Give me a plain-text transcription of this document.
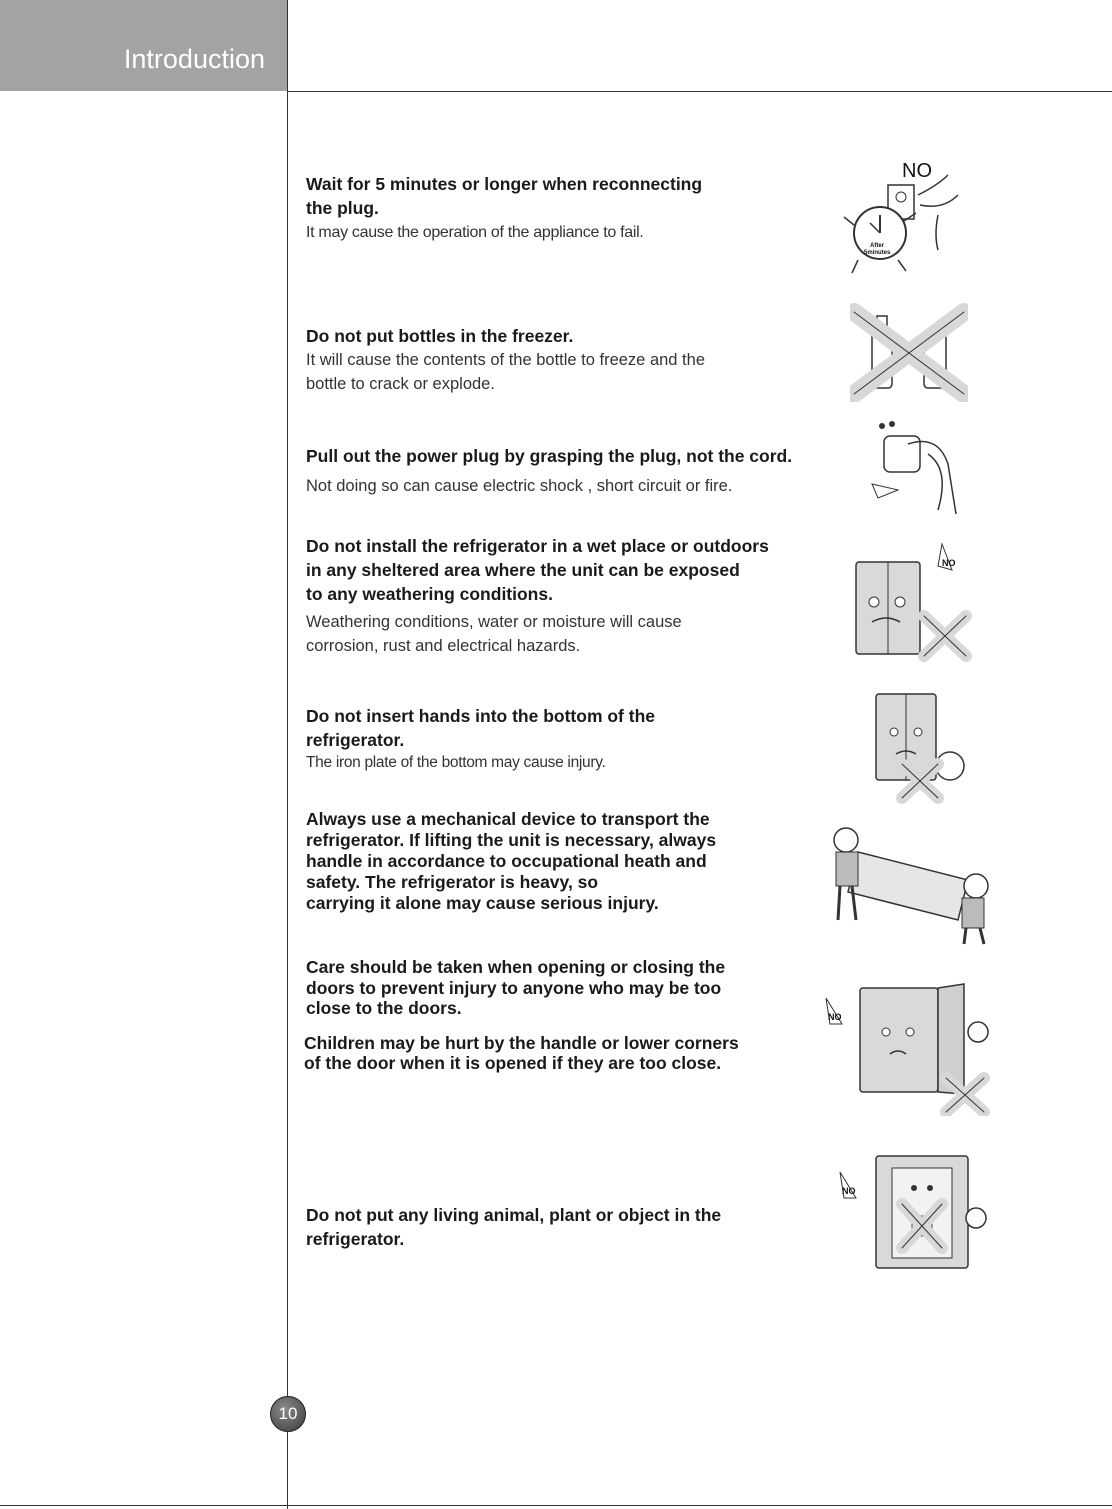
Introduction
Wait for 5 minutes or longer when reconnecting
the plug.
It may cause the operation of the appliance to fail.
NO
After
5minutes
Do not put bottles in the freezer.
It will cause the contents of the bottle to freeze and the
bottle to crack or explode.
Pull out the power plug by grasping the plug, not the cord.
Not doing so can cause electric shock , short circuit or fire.
Do not install the refrigerator in a wet place or outdoors
in any sheltered area where the unit can be exposed
to any weathering conditions.
Weathering conditions, water or moisture will cause
corrosion, rust and electrical hazards.
NO
Do not insert hands into the bottom of the
refrigerator.
The iron plate of the bottom may cause injury.
Always use a mechanical device to transport the
refrigerator. If lifting the unit is necessary, always
handle in accordance to occupational heath and
safety. The refrigerator is heavy, so
carrying it alone may cause serious injury.
Care should be taken when opening or closing the
doors to prevent injury to anyone who may be too
close to the doors.
Children may be hurt by the handle or lower corners
of the door when it is opened if they are too close.
NO
Do not put any living animal, plant or object in the
refrigerator.
NO
10
